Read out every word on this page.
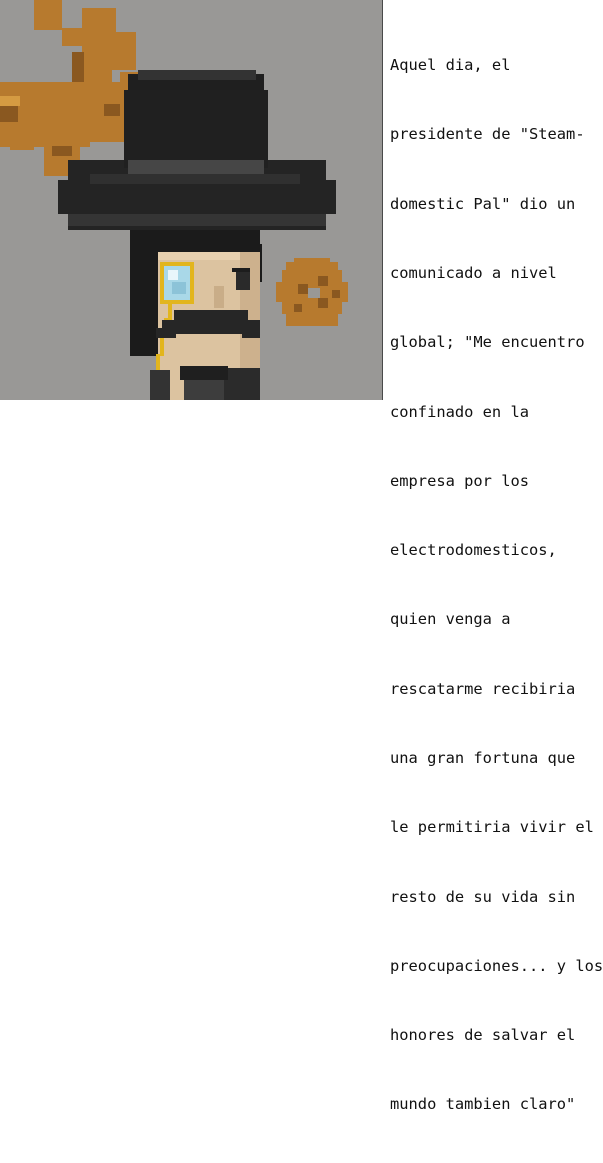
Aquel dia, el

presidente de "Steam-

domestic Pal" dio un

comunicado a nivel

global; "Me encuentro

confinado en la

empresa por los

electrodomesticos,

quien venga a

rescatarme recibiria

una gran fortuna que

le permitiria vivir el

resto de su vida sin

preocupaciones... y los

honores de salvar el

mundo tambien claro"
